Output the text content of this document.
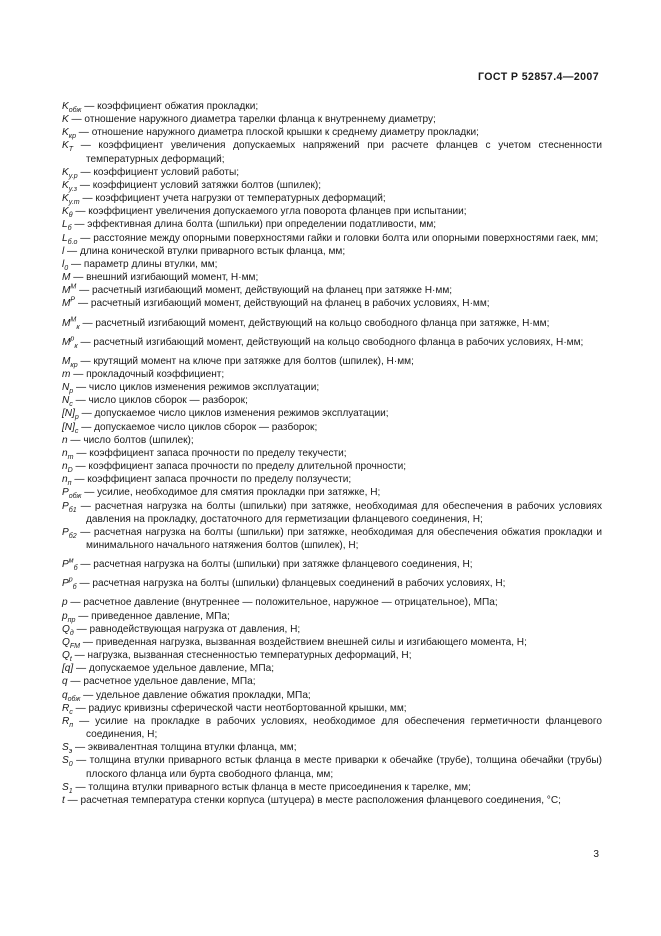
ГОСТ Р 52857.4—2007
$K_{обж}$ — коэффициент обжатия прокладки;
K — отношение наружного диаметра тарелки фланца к внутреннему диаметру;
$K_{кр}$ — отношение наружного диаметра плоской крышки к среднему диаметру прокладки;
$K_T$ — коэффициент увеличения допускаемых напряжений при расчете фланцев с учетом стесненности температурных деформаций;
$K_{у.р}$ — коэффициент условий работы;
$K_{у.з}$ — коэффициент условий затяжки болтов (шпилек);
$K_{у.т}$ — коэффициент учета нагрузки от температурных деформаций;
$K_\theta$ — коэффициент увеличения допускаемого угла поворота фланцев при испытании;
$L_б$ — эффективная длина болта (шпильки) при определении податливости, мм;
$L_{б.о}$ — расстояние между опорными поверхностями гайки и головки болта или опорными поверхностями гаек, мм;
l — длина конической втулки приварного встык фланца, мм;
$l_0$ — параметр длины втулки, мм;
M — внешний изгибающий момент, Н·мм;
$M^M$ — расчетный изгибающий момент, действующий на фланец при затяжке Н·мм;
$M^P$ — расчетный изгибающий момент, действующий на фланец в рабочих условиях, Н·мм;
$M^M_к$ — расчетный изгибающий момент, действующий на кольцо свободного фланца при затяжке, Н·мм;
$M^p_к$ — расчетный изгибающий момент, действующий на кольцо свободного фланца в рабочих условиях, Н·мм;
$M_{кр}$ — крутящий момент на ключе при затяжке для болтов (шпилек), Н·мм;
m — прокладочный коэффициент;
$N_p$ — число циклов изменения режимов эксплуатации;
$N_c$ — число циклов сборок — разборок;
$[N]_p$ — допускаемое число циклов изменения режимов эксплуатации;
$[N]_c$ — допускаемое число циклов сборок — разборок;
n — число болтов (шпилек);
$n_т$ — коэффициент запаса прочности по пределу текучести;
$n_D$ — коэффициент запаса прочности по пределу длительной прочности;
$n_п$ — коэффициент запаса прочности по пределу ползучести;
$P_{обж}$ — усилие, необходимое для смятия прокладки при затяжке, Н;
$P_{б1}$ — расчетная нагрузка на болты (шпильки) при затяжке, необходимая для обеспечения в рабочих условиях давления на прокладку, достаточного для герметизации фланцевого соединения, Н;
$P_{б2}$ — расчетная нагрузка на болты (шпильки) при затяжке, необходимая для обеспечения обжатия прокладки и минимального начального натяжения болтов (шпилек), Н;
$P^м_б$ — расчетная нагрузка на болты (шпильки) при затяжке фланцевого соединения, Н;
$P^р_б$ — расчетная нагрузка на болты (шпильки) фланцевых соединений в рабочих условиях, Н;
p — расчетное давление (внутреннее — положительное, наружное — отрицательное), МПа;
$p_{пр}$ — приведенное давление, МПа;
$Q_д$ — равнодействующая нагрузка от давления, Н;
$Q_{FM}$ — приведенная нагрузка, вызванная воздействием внешней силы и изгибающего момента, Н;
$Q_t$ — нагрузка, вызванная стесненностью температурных деформаций, Н;
[q] — допускаемое удельное давление, МПа;
q — расчетное удельное давление, МПа;
$q_{обж}$ — удельное давление обжатия прокладки, МПа;
$R_c$ — радиус кривизны сферической части неотбортованной крышки, мм;
$R_п$ — усилие на прокладке в рабочих условиях, необходимое для обеспечения герметичности фланцевого соединения, Н;
$S_э$ — эквивалентная толщина втулки фланца, мм;
$S_0$ — толщина втулки приварного встык фланца в месте приварки к обечайке (трубе), толщина обечайки (трубы) плоского фланца или бурта свободного фланца, мм;
$S_1$ — толщина втулки приварного встык фланца в месте присоединения к тарелке, мм;
t — расчетная температура стенки корпуса (штуцера) в месте расположения фланцевого соединения, °С;
3
